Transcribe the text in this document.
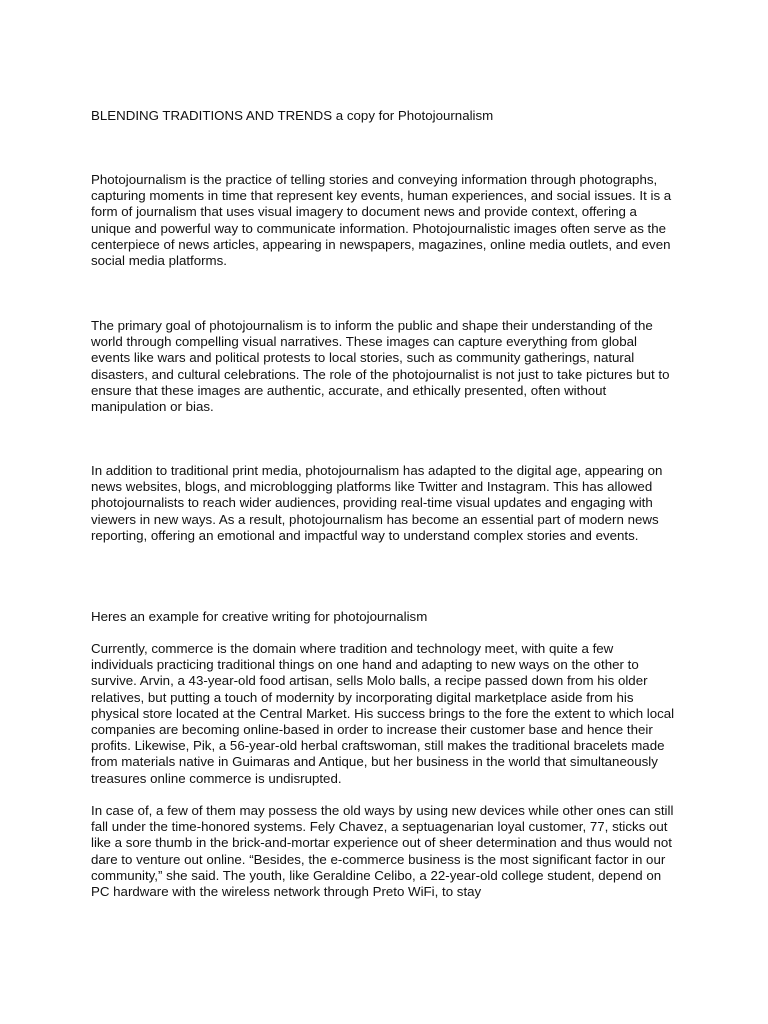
BLENDING TRADITIONS AND TRENDS a copy for Photojournalism

Photojournalism is the practice of telling stories and conveying information through photographs, capturing moments in time that represent key events, human experiences, and social issues. It is a form of journalism that uses visual imagery to document news and provide context, offering a unique and powerful way to communicate information. Photojournalistic images often serve as the centerpiece of news articles, appearing in newspapers, magazines, online media outlets, and even social media platforms.

The primary goal of photojournalism is to inform the public and shape their understanding of the world through compelling visual narratives. These images can capture everything from global events like wars and political protests to local stories, such as community gatherings, natural disasters, and cultural celebrations. The role of the photojournalist is not just to take pictures but to ensure that these images are authentic, accurate, and ethically presented, often without manipulation or bias.

In addition to traditional print media, photojournalism has adapted to the digital age, appearing on news websites, blogs, and microblogging platforms like Twitter and Instagram. This has allowed photojournalists to reach wider audiences, providing real-time visual updates and engaging with viewers in new ways. As a result, photojournalism has become an essential part of modern news reporting, offering an emotional and impactful way to understand complex stories and events.

Heres an example for creative writing for photojournalism

Currently, commerce is the domain where tradition and technology meet, with quite a few individuals practicing traditional things on one hand and adapting to new ways on the other to survive. Arvin, a 43-year-old food artisan, sells Molo balls, a recipe passed down from his older relatives, but putting a touch of modernity by incorporating digital marketplace aside from his physical store located at the Central Market. His success brings to the fore the extent to which local companies are becoming online-based in order to increase their customer base and hence their profits. Likewise, Pik, a 56-year-old herbal craftswoman, still makes the traditional bracelets made from materials native in Guimaras and Antique, but her business in the world that simultaneously treasures online commerce is undisrupted.

In case of, a few of them may possess the old ways by using new devices while other ones can still fall under the time-honored systems. Fely Chavez, a septuagenarian loyal customer, 77, sticks out like a sore thumb in the brick-and-mortar experience out of sheer determination and thus would not dare to venture out online. “Besides, the e-commerce business is the most significant factor in our community,” she said. The youth, like Geraldine Celibo, a 22-year-old college student, depend on PC hardware with the wireless network through Preto WiFi, to stay
